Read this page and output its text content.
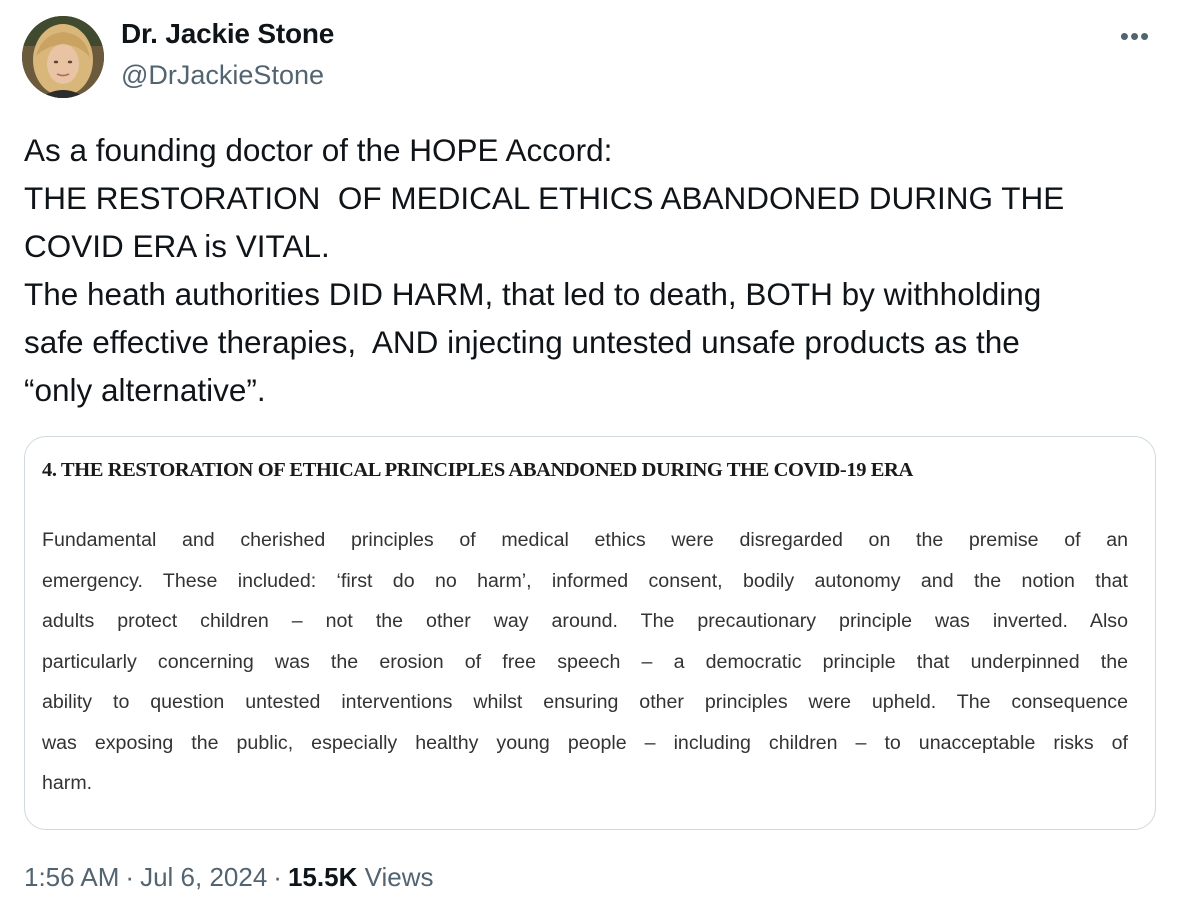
Dr. Jackie Stone
@DrJackieStone
•••
As a founding doctor of the HOPE Accord:
THE RESTORATION  OF MEDICAL ETHICS ABANDONED DURING THE
COVID ERA is VITAL.
The heath authorities DID HARM, that led to death, BOTH by withholding
safe effective therapies,  AND injecting untested unsafe products as the
“only alternative”.
4. THE RESTORATION OF ETHICAL PRINCIPLES ABANDONED DURING THE COVID-19 ERA
Fundamental and cherished principles of medical ethics were disregarded on the premise of an
emergency. These included: ‘first do no harm’, informed consent, bodily autonomy and the notion that
adults protect children – not the other way around. The precautionary principle was inverted. Also
particularly concerning was the erosion of free speech – a democratic principle that underpinned the
ability to question untested interventions whilst ensuring other principles were upheld. The consequence
was exposing the public, especially healthy young people – including children – to unacceptable risks of
harm.
1:56 AM · Jul 6, 2024 · 15.5K Views
